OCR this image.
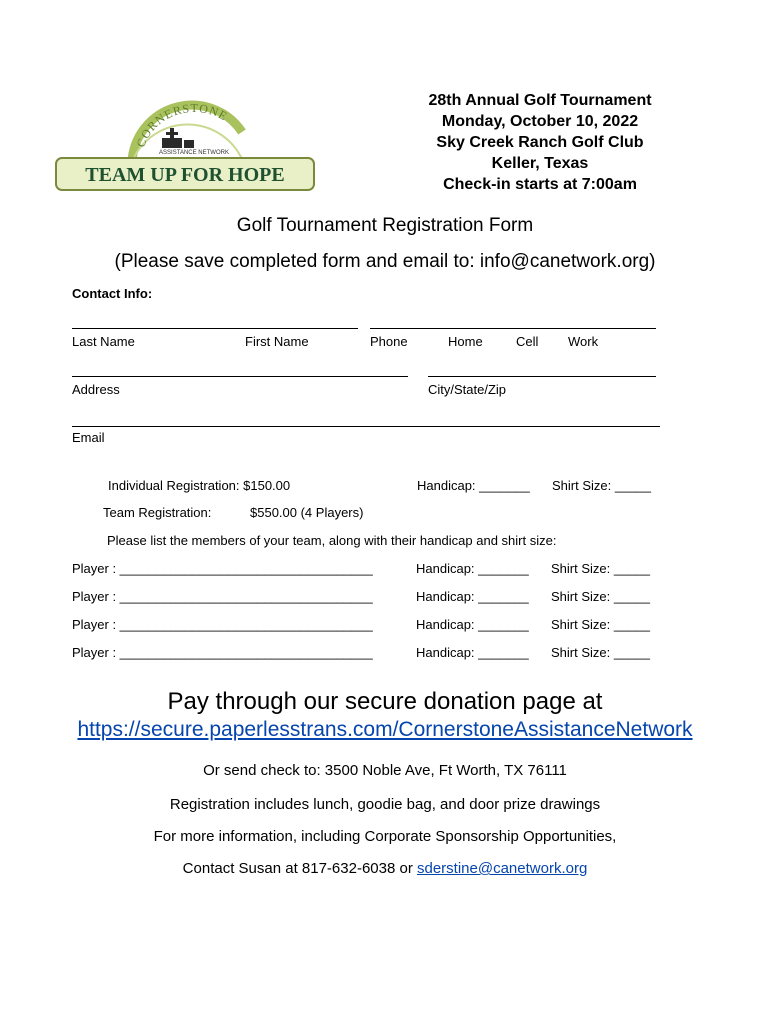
CORNERSTONE
ASSISTANCE NETWORK
TEAM UP FOR HOPE
28th Annual Golf Tournament
Monday, October 10, 2022
Sky Creek Ranch Golf Club
Keller, Texas
Check-in starts at 7:00am
Golf Tournament Registration Form
(Please save completed form and email to: info@canetwork.org)
Contact Info:
Last Name	First Name	Phone	Home	Cell Work
Address	City/State/Zip
Email
Individual Registration: $150.00	Handicap: _______ Shirt Size: _____
Team Registration:	$550.00 (4 Players)
Please list the members of your team, along with their handicap and shirt size:
Player : ___________________________________	Handicap: _______ Shirt Size: _____
Player : ___________________________________	Handicap: _______ Shirt Size: _____
Player : ___________________________________	Handicap: _______ Shirt Size: _____
Player : ___________________________________	Handicap: _______ Shirt Size: _____
Pay through our secure donation page at
https://secure.paperlesstrans.com/CornerstoneAssistanceNetwork
Or send check to: 3500 Noble Ave, Ft Worth, TX 76111
Registration includes lunch, goodie bag, and door prize drawings
For more information, including Corporate Sponsorship Opportunities,
Contact Susan at 817-632-6038 or sderstine@canetwork.org
